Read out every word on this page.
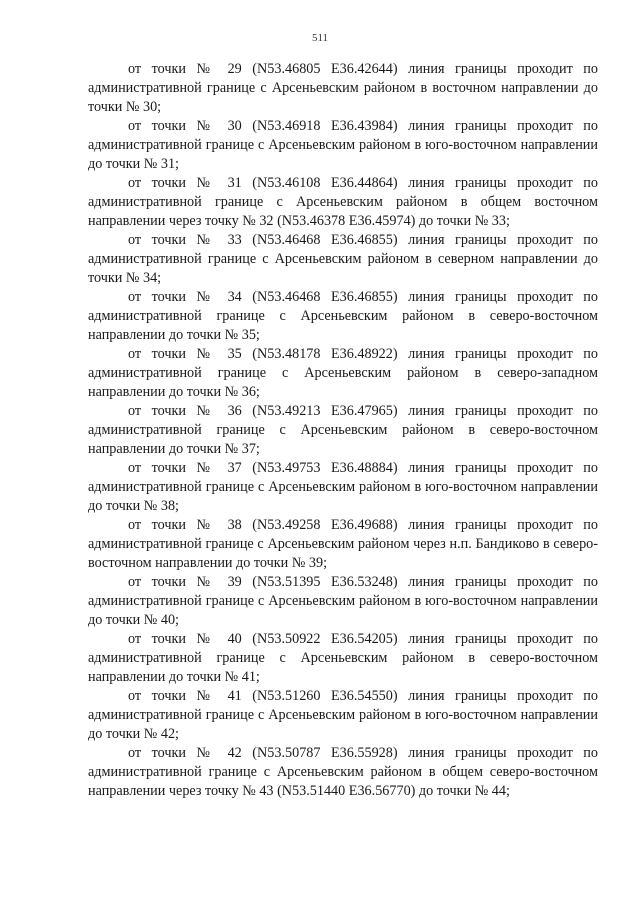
511

от точки № 29 (N53.46805 E36.42644) линия границы проходит по административной границе с Арсеньевским районом в восточном направлении до точки № 30;

от точки № 30 (N53.46918 E36.43984) линия границы проходит по административной границе с Арсеньевским районом в юго-восточном направлении до точки № 31;

от точки № 31 (N53.46108 E36.44864) линия границы проходит по административной границе с Арсеньевским районом в общем восточном направлении через точку № 32 (N53.46378 E36.45974) до точки № 33;

от точки № 33 (N53.46468 E36.46855) линия границы проходит по административной границе с Арсеньевским районом в северном направлении до точки № 34;

от точки № 34 (N53.46468 E36.46855) линия границы проходит по административной границе с Арсеньевским районом в северо-восточном направлении до точки № 35;

от точки № 35 (N53.48178 E36.48922) линия границы проходит по административной границе с Арсеньевским районом в северо-западном направлении до точки № 36;

от точки № 36 (N53.49213 E36.47965) линия границы проходит по административной границе с Арсеньевским районом в северо-восточном направлении до точки № 37;

от точки № 37 (N53.49753 E36.48884) линия границы проходит по административной границе с Арсеньевским районом в юго-восточном направлении до точки № 38;

от точки № 38 (N53.49258 E36.49688) линия границы проходит по административной границе с Арсеньевским районом через н.п. Бандиково в северо-восточном направлении до точки № 39;

от точки № 39 (N53.51395 E36.53248) линия границы проходит по административной границе с Арсеньевским районом в юго-восточном направлении до точки № 40;

от точки № 40 (N53.50922 E36.54205) линия границы проходит по административной границе с Арсеньевским районом в северо-восточном направлении до точки № 41;

от точки № 41 (N53.51260 E36.54550) линия границы проходит по административной границе с Арсеньевским районом в юго-восточном направлении до точки № 42;

от точки № 42 (N53.50787 E36.55928) линия границы проходит по административной границе с Арсеньевским районом в общем северо-восточном направлении через точку № 43 (N53.51440 E36.56770) до точки № 44;
